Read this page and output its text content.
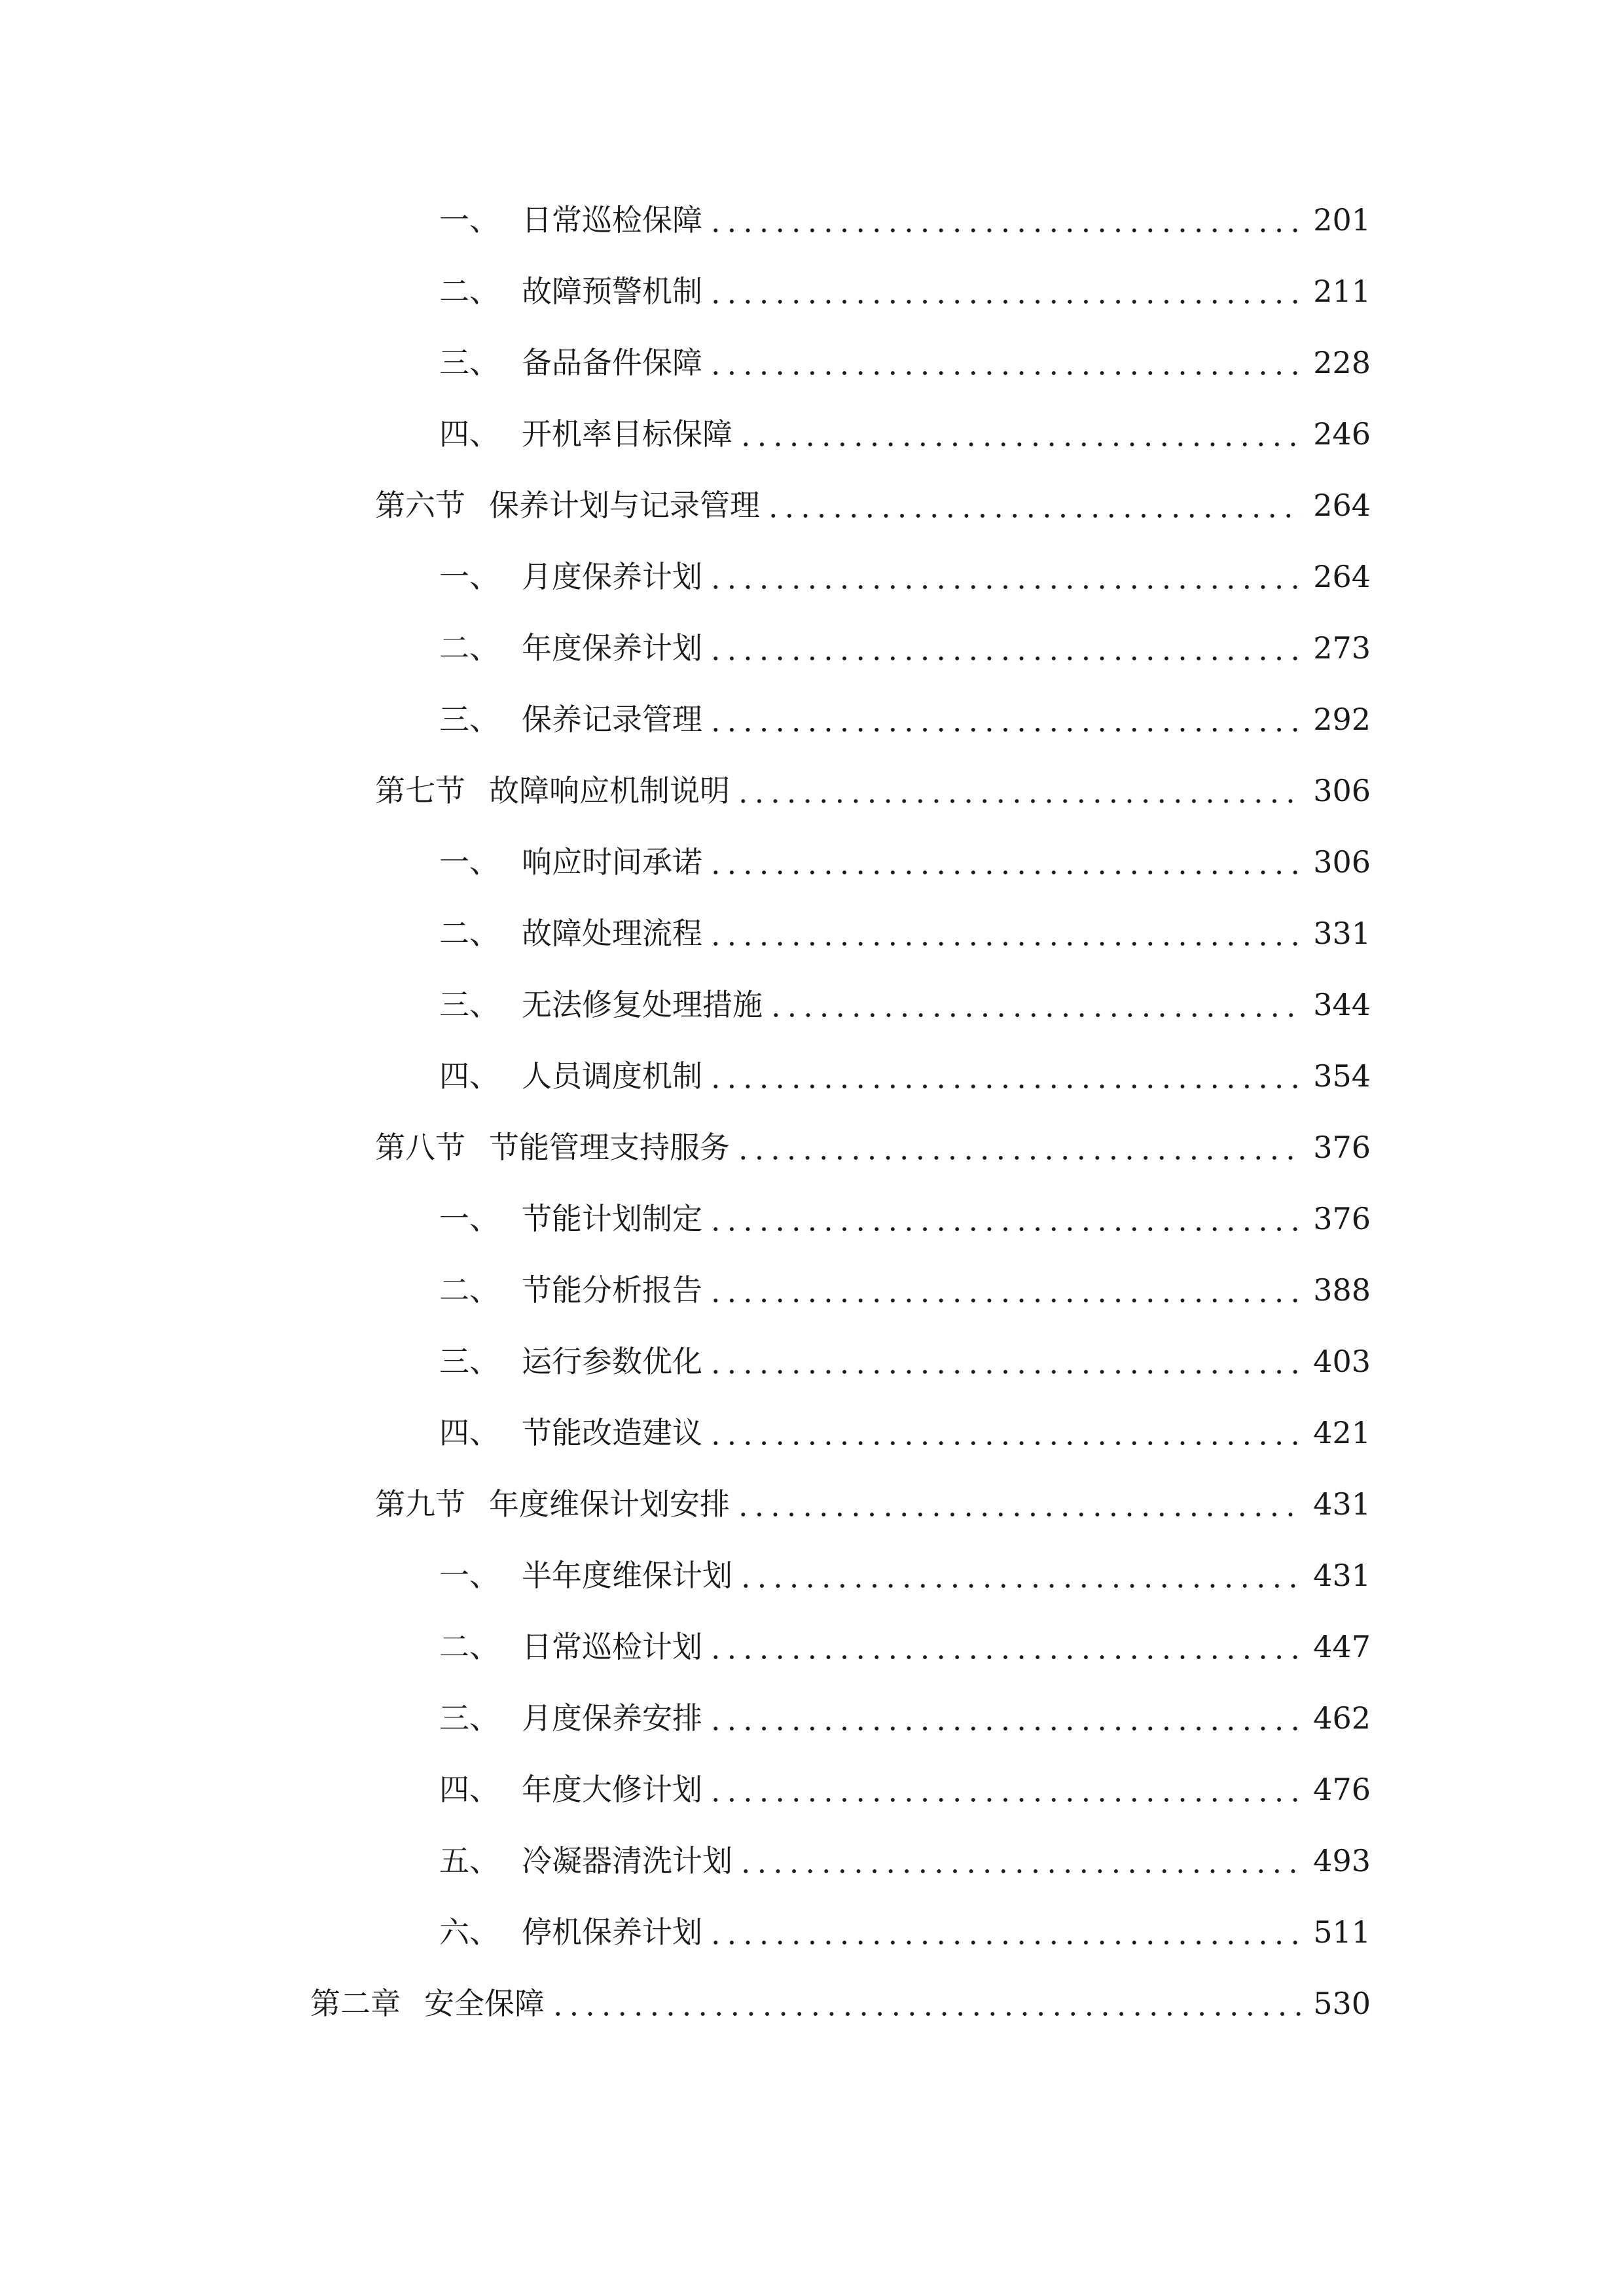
一、 日常巡检保障	201
二、 故障预警机制	211
三、 备品备件保障	228
四、 开机率目标保障	246
第六节 保养计划与记录管理	264
一、 月度保养计划	264
二、 年度保养计划	273
三、 保养记录管理	292
第七节 故障响应机制说明	306
一、 响应时间承诺	306
二、 故障处理流程	331
三、 无法修复处理措施	344
四、 人员调度机制	354
第八节 节能管理支持服务	376
一、 节能计划制定	376
二、 节能分析报告	388
三、 运行参数优化	403
四、 节能改造建议	421
第九节 年度维保计划安排	431
一、 半年度维保计划	431
二、 日常巡检计划	447
三、 月度保养安排	462
四、 年度大修计划	476
五、 冷凝器清洗计划	493
六、 停机保养计划	511
第二章 安全保障	530
